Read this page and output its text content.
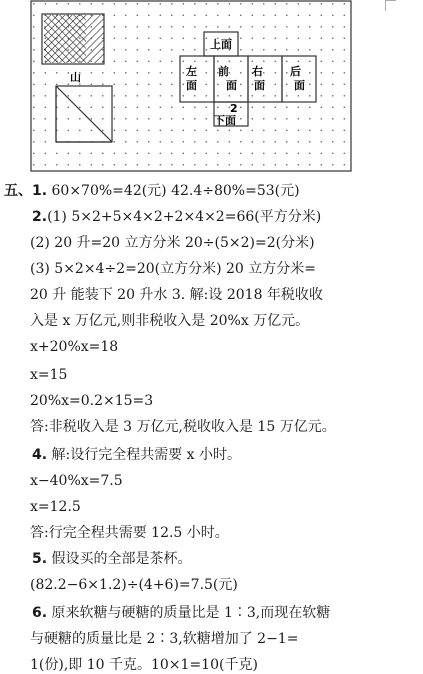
山
上面
左
面
前
面
右
面
后
面
2
下面
五、1. 60×70%=42(元) 42.4÷80%=53(元)
2.(1) 5×2+5×4×2+2×4×2=66(平方分米)
(2) 20 升=20 立方分米 20÷(5×2)=2(分米)
(3) 5×2×4÷2=20(立方分米) 20 立方分米=
20 升 能装下 20 升水 3. 解:设 2018 年税收收
入是 x 万亿元,则非税收入是 20%x 万亿元。
x+20%x=18
x=15
20%x=0.2×15=3
答:非税收入是 3 万亿元,税收收入是 15 万亿元。
4. 解:设行完全程共需要 x 小时。
x−40%x=7.5
x=12.5
答:行完全程共需要 12.5 小时。
5. 假设买的全部是茶杯。
(82.2−6×1.2)÷(4+6)=7.5(元)
6. 原来软糖与硬糖的质量比是 1∶3,而现在软糖
与硬糖的质量比是 2∶3,软糖增加了 2−1=
1(份),即 10 千克。10×1=10(千克)
